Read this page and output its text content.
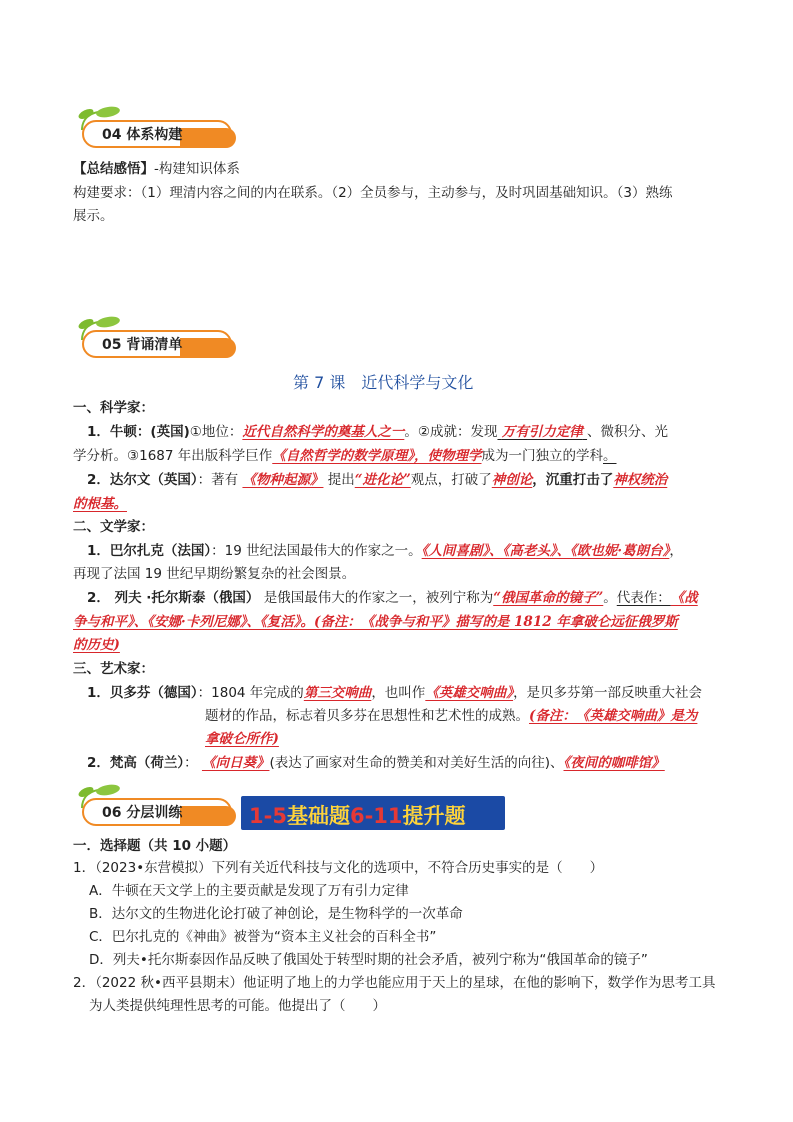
04 体系构建
【总结感悟】-构建知识体系
构建要求：（1）理清内容之间的内在联系。（2）全员参与，主动参与，及时巩固基础知识。（3）熟练
展示。
05 背诵清单
第 7 课　近代科学与文化
一、科学家：
1．牛顿：(英国)①地位：近代自然科学的奠基人之一。②成就：发现 万有引力定律 、微积分、光
学分析。③1687 年出版科学巨作《自然哲学的数学原理》，使物理学成为一门独立的学科。
2．达尔文（英国）：著有 《物种起源》 提出“进化论”观点，打破了神创论，沉重打击了神权统治
的根基。
二、文学家：
1．巴尔扎克（法国）：19 世纪法国最伟大的作家之一。《人间喜剧》、《高老头》、《欧也妮·葛朗台》，
再现了法国 19 世纪早期纷繁复杂的社会图景。
2． 列夫 ·托尔斯泰（俄国） 是俄国最伟大的作家之一，被列宁称为“俄国革命的镜子”。代表作：《战
争与和平》、《安娜·卡列尼娜》、《复活》。(备注：《战争与和平》描写的是 1812 年拿破仑远征俄罗斯
的历史)
三、艺术家：
1．贝多芬（德国）：1804 年完成的第三交响曲，也叫作《英雄交响曲》，是贝多芬第一部反映重大社会
题材的作品，标志着贝多芬在思想性和艺术性的成熟。(备注：《英雄交响曲》是为
拿破仑所作)
2．梵高（荷兰）： 《向日葵》(表达了画家对生命的赞美和对美好生活的向往)、《夜间的咖啡馆》
06 分层训练	1-5基础题6-11提升题
一．选择题（共 10 小题）
1．（2023•东营模拟）下列有关近代科技与文化的选项中，不符合历史事实的是（　　）
A．牛顿在天文学上的主要贡献是发现了万有引力定律
B．达尔文的生物进化论打破了神创论，是生物科学的一次革命
C．巴尔扎克的《神曲》被誉为“资本主义社会的百科全书”
D．列夫•托尔斯泰因作品反映了俄国处于转型时期的社会矛盾，被列宁称为“俄国革命的镜子”
2．（2022 秋•西平县期末）他证明了地上的力学也能应用于天上的星球，在他的影响下，数学作为思考工具
为人类提供纯理性思考的可能。他提出了（　　）
